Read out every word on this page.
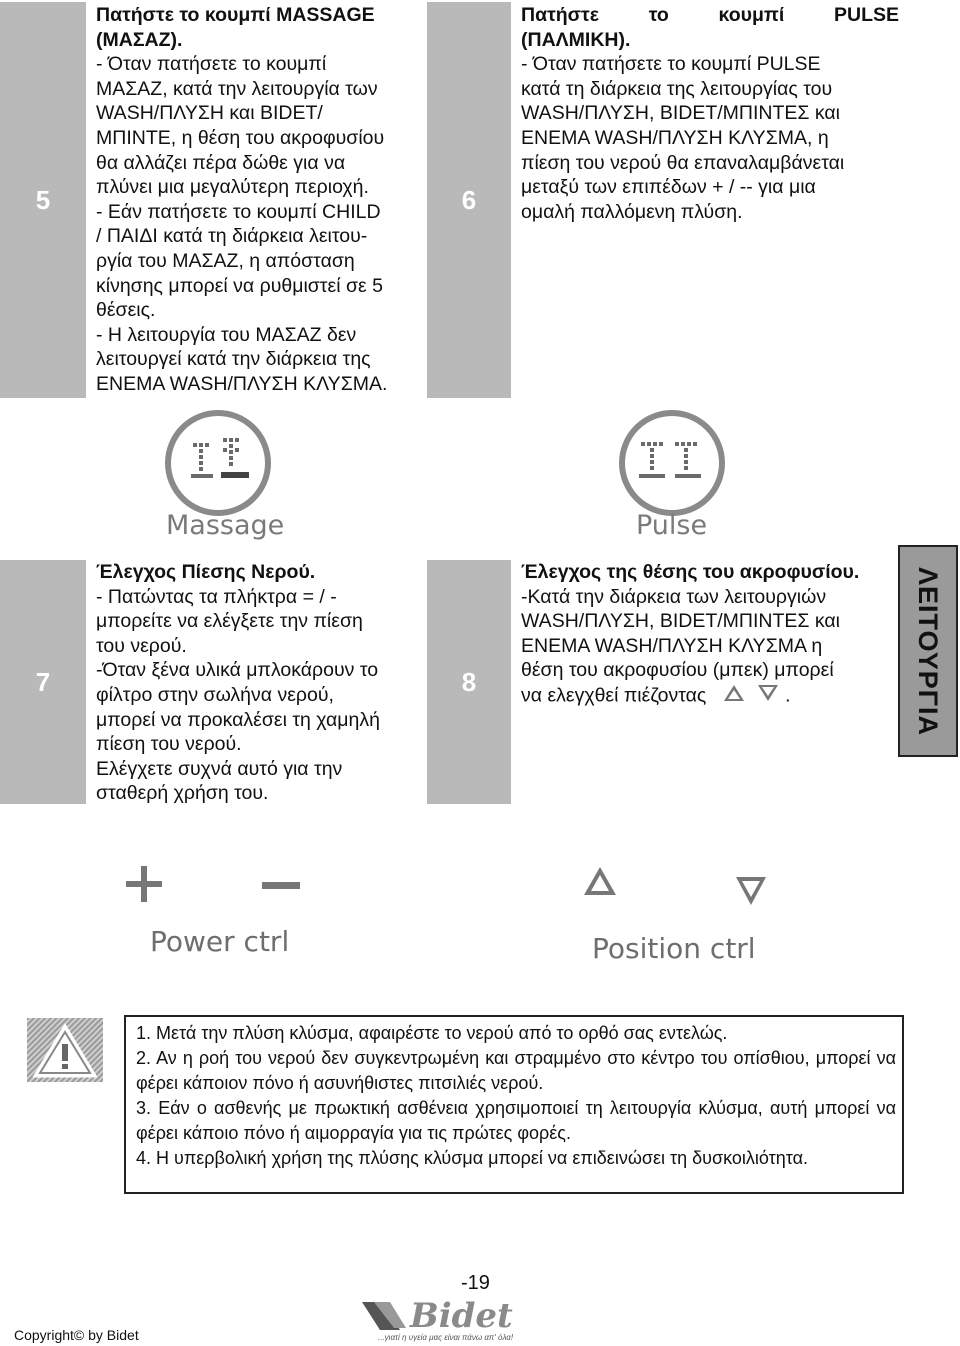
5

Πατήστε το κουμπί MASSAGE

(ΜΑΣΑΖ).

- Όταν πατήσετε το κουμπί

ΜΑΣΑΖ, κατά την λειτουργία των

WASH/ΠΛΥΣΗ και BIDET/

ΜΠΙΝΤΕ, η θέση του ακροφυσίου

θα αλλάζει πέρα δώθε για να

πλύνει μια μεγαλύτερη περιοχή.

- Εάν πατήσετε το κουμπί CHILD

/ ΠΑΙΔΙ κατά τη διάρκεια λειτου-

ργία του ΜΑΣΑΖ, η απόσταση

κίνησης μπορεί να ρυθμιστεί σε 5

θέσεις.

- Η λειτουργία του ΜΑΣΑΖ δεν

λειτουργεί κατά την διάρκεια της

ENEMA WASH/ΠΛΥΣΗ ΚΛΥΣΜΑ.

6

Πατήστε το κουμπί PULSE

(ΠΑΛΜΙΚΗ).

- Όταν πατήσετε το κουμπί PULSE

κατά τη διάρκεια της λειτουργίας του

WASH/ΠΛΥΣΗ, BIDET/ΜΠΙΝΤΕΣ και

ENEMA WASH/ΠΛΥΣΗ ΚΛΥΣΜΑ, η

πίεση του νερού θα επαναλαμβάνεται

μεταξύ των επιπέδων + / -- για μια

ομαλή παλλόμενη πλύση.

Massage	Pulse
7

Έλεγχος Πίεσης Νερού.

- Πατώντας τα πλήκτρα = / -

μπορείτε να ελέγξετε την πίεση

του νερού.

-Όταν ξένα υλικά μπλοκάρουν το

φίλτρο στην σωλήνα νερού,

μπορεί να προκαλέσει τη χαμηλή

πίεση του νερού.

Ελέγχετε συχνά αυτό για την

σταθερή χρήση του.

8

Έλεγχος της θέσης του ακροφυσίου.

-Κατά την διάρκεια των λειτουργιών

WASH/ΠΛΥΣΗ, BIDET/ΜΠΙΝΤΕΣ και

ENEMA WASH/ΠΛΥΣΗ ΚΛΥΣΜΑ η

θέση του ακροφυσίου (μπεκ) μπορεί

να ελεγχθεί πιέζοντας	.	ΛΕΙΤΟΥΡΓΙΑ
Power ctrl	Position ctrl

1. Μετά την πλύση κλύσμα, αφαιρέστε το νερού από το ορθό σας εντελώς.

2. Αν η ροή του νερού δεν συγκεντρωμένη και στραμμένο στο κέντρο του οπίσθιου, μπορεί να φέρει κάποιον πόνο ή ασυνήθιστες πιτσιλιές νερού.

3. Εάν ο ασθενής με πρωκτική ασθένεια χρησιμοποιεί τη λειτουργία κλύσμα, αυτή μπορεί να φέρει κάποιο πόνο ή αιμορραγία για τις πρώτες φορές.

4. Η υπερβολική χρήση της πλύσης κλύσμα μπορεί να επιδεινώσει τη δυσκοιλιότητα.

-19
Copyright© by Bidet	Bidet
...γιατί η υγεία μας είναι πάνω απ' όλα!
